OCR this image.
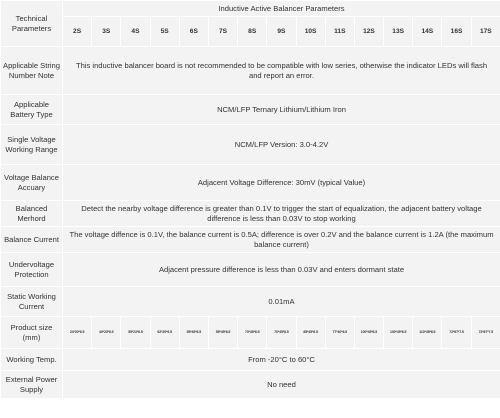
Technical Parameters	Inductive Active Balancer Parameters														
	2S	3S	4S	5S	6S	7S	8S	9S	10S	11S	12S	13S	14S	16S	17S
Applicable String Number Note	This inductive balancer board is not recommended to be compatible with low series, otherwise the indicator LEDs will flash and report an error.														
Applicable Battery Type	NCM/LFP Ternary Lithium/Lithium Iron														
Single Voltage Working Range	NCM/LFP Version: 3.0-4.2V														
Voltage Balance Accuary	Adjacent Voltage Difference: 30mV (typical Value)														
Balanced Merhord	Detect the nearby voltage difference is greater than 0.1V to trigger the start of equalization, the adjacent battery voltage difference is less than 0.03V to stop working														
Balance Current	The voltage diffence is 0.1V, the balance current is 0.5A; difference is over 0.2V and the balance current is 1.2A (the maximum balance current)														
Undervoltage Protection	Adjacent pressure difference is less than 0.03V and enters dormant state														
Static Working Current	0.01mA														
Product size (mm)	24*20*6.5	40*23*6.5	55*23*6.5	62*20*6.5	55*45*6.5	55*45*6.5	70*45*6.5	70*45*6.5	85*45*6.5	77*40*6.5	100*45*6.5	100*45*6.5	110*45*6.5	72*67*7.5	72*67*7.5
Working Temp.	From -20°C to 60°C														
External Power Supply	No need														
